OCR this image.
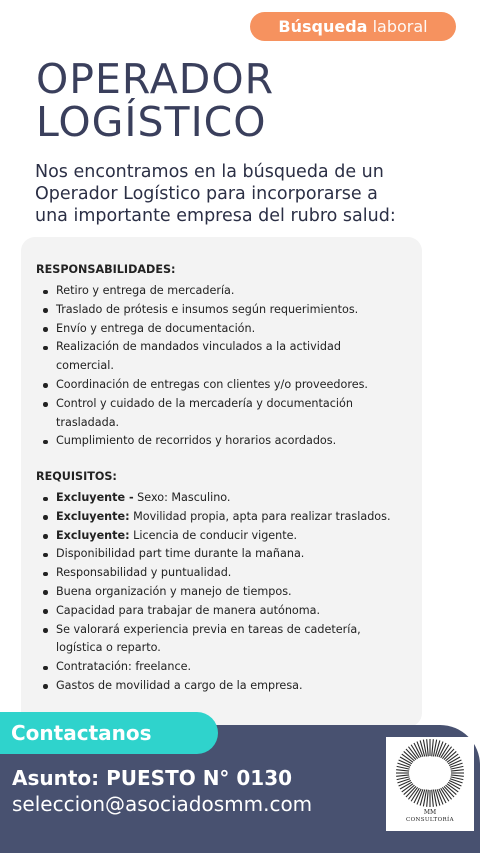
Búsqueda laboral
OPERADOR
LOGÍSTICO
Nos encontramos en la búsqueda de un
Operador Logístico para incorporarse a
una importante empresa del rubro salud:
RESPONSABILIDADES:
Retiro y entrega de mercadería.
Traslado de prótesis e insumos según requerimientos.
Envío y entrega de documentación.
Realización de mandados vinculados a la actividad
comercial.
Coordinación de entregas con clientes y/o proveedores.
Control y cuidado de la mercadería y documentación
trasladada.
Cumplimiento de recorridos y horarios acordados.
REQUISITOS:
Excluyente - Sexo: Masculino.
Excluyente: Movilidad propia, apta para realizar traslados.
Excluyente: Licencia de conducir vigente.
Disponibilidad part time durante la mañana.
Responsabilidad y puntualidad.
Buena organización y manejo de tiempos.
Capacidad para trabajar de manera autónoma.
Se valorará experiencia previa en tareas de cadetería,
logística o reparto.
Contratación: freelance.
Gastos de movilidad a cargo de la empresa.
Contactanos
Asunto: PUESTO N° 0130
seleccion@asociadosmm.com	MM
CONSULTORÍA
